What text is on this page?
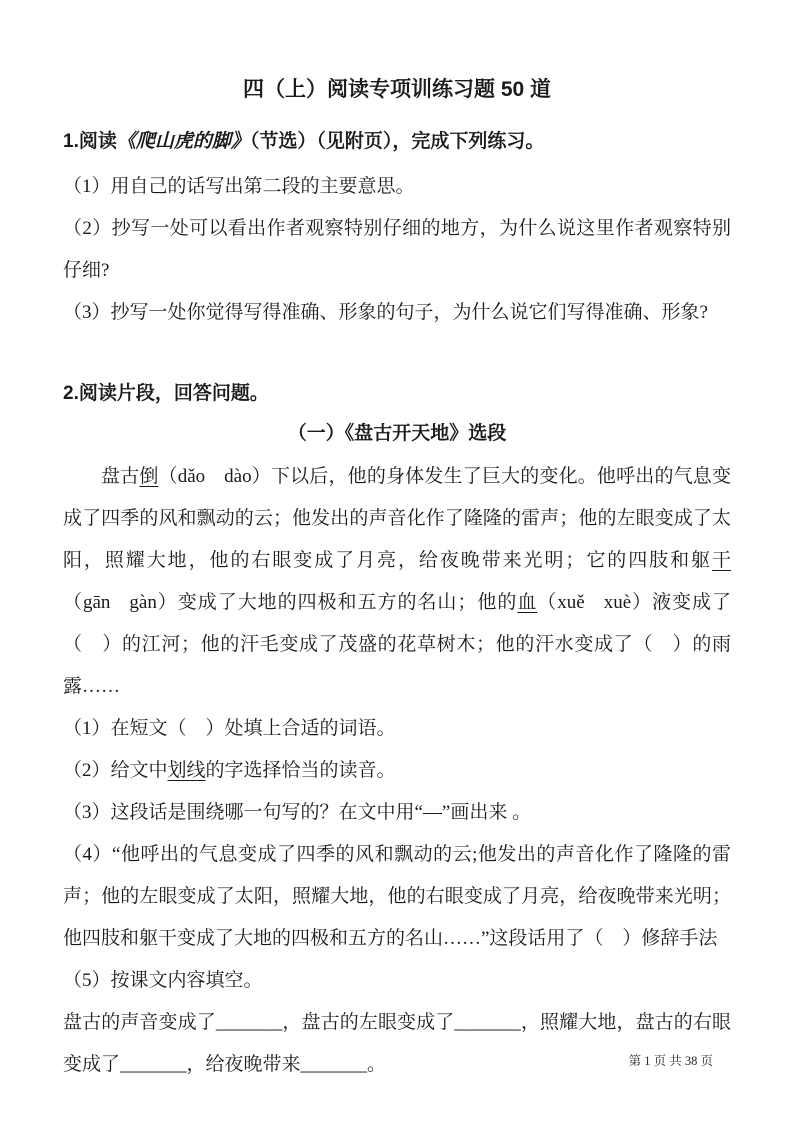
四（上）阅读专项训练习题 50 道

1.阅读《爬山虎的脚》（节选）（见附页），完成下列练习。

（1）用自己的话写出第二段的主要意思。

（2）抄写一处可以看出作者观察特别仔细的地方，为什么说这里作者观察特别仔细?

（3）抄写一处你觉得写得准确、形象的句子，为什么说它们写得准确、形象?

2.阅读片段，回答问题。

（一）《盘古开天地》选段

盘古倒（dǎo  dào）下以后，他的身体发生了巨大的变化。他呼出的气息变成了四季的风和飘动的云；他发出的声音化作了隆隆的雷声；他的左眼变成了太阳，照耀大地，他的右眼变成了月亮，给夜晚带来光明；它的四肢和躯干（gān  gàn）变成了大地的四极和五方的名山；他的血（xuě  xuè）液变成了（  ）的江河；他的汗毛变成了茂盛的花草树木；他的汗水变成了（  ）的雨露……

（1）在短文（  ）处填上合适的词语。

（2）给文中划线的字选择恰当的读音。

（3）这段话是围绕哪一句写的？在文中用“—”画出来 。

（4）“他呼出的气息变成了四季的风和飘动的云;他发出的声音化作了隆隆的雷声；他的左眼变成了太阳，照耀大地，他的右眼变成了月亮，给夜晚带来光明；他四肢和躯干变成了大地的四极和五方的名山……”这段话用了（  ）修辞手法

（5）按课文内容填空。

盘古的声音变成了_______，盘古的左眼变成了_______，照耀大地，盘古的右眼变成了_______，给夜晚带来_______。	第 1 页 共 38 页
